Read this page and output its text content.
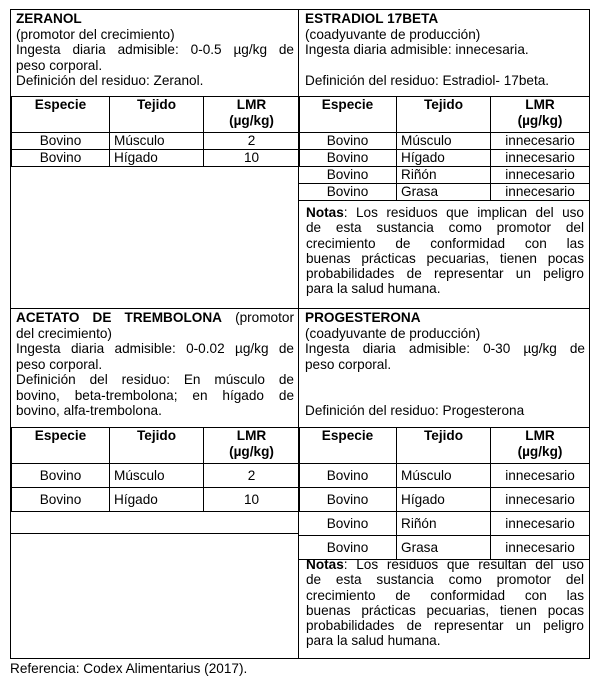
ZERANOL
(promotor del crecimiento)
Ingesta diaria admisible: 0-0.5 µg/kg de
peso corporal.
Definición del residuo: Zeranol.
Especie	Tejido	LMR
(µg/kg)
Bovino	Músculo	2
Bovino	Hígado	10
ESTRADIOL 17BETA
(coadyuvante de producción)
Ingesta diaria admisible: innecesaria.
Definición del residuo: Estradiol- 17beta.
Especie	Tejido	LMR
(µg/kg)
Bovino	Músculo	innecesario
Bovino	Hígado	innecesario
Bovino	Riñón	innecesario
Bovino	Grasa	innecesario
Notas: Los residuos que implican del uso
de esta sustancia como promotor del
crecimiento de conformidad con las
buenas prácticas pecuarias, tienen pocas
probabilidades de representar un peligro
para la salud humana.
ACETATO DE TREMBOLONA (promotor
del crecimiento)
Ingesta diaria admisible: 0-0.02 µg/kg de
peso corporal.
Definición del residuo: En músculo de
bovino, beta-trembolona; en hígado de
bovino, alfa-trembolona.
Especie	Tejido	LMR
(µg/kg)
Bovino	Músculo	2
Bovino	Hígado	10
PROGESTERONA
(coadyuvante de producción)
Ingesta diaria admisible: 0-30 µg/kg de
peso corporal.
Definición del residuo: Progesterona
Especie	Tejido	LMR
(µg/kg)
Bovino	Músculo	innecesario
Bovino	Hígado	innecesario
Bovino	Riñón	innecesario
Bovino	Grasa	innecesario
Notas: Los residuos que resultan del uso
de esta sustancia como promotor del
crecimiento de conformidad con las
buenas prácticas pecuarias, tienen pocas
probabilidades de representar un peligro
para la salud humana.
Referencia: Codex Alimentarius (2017).
